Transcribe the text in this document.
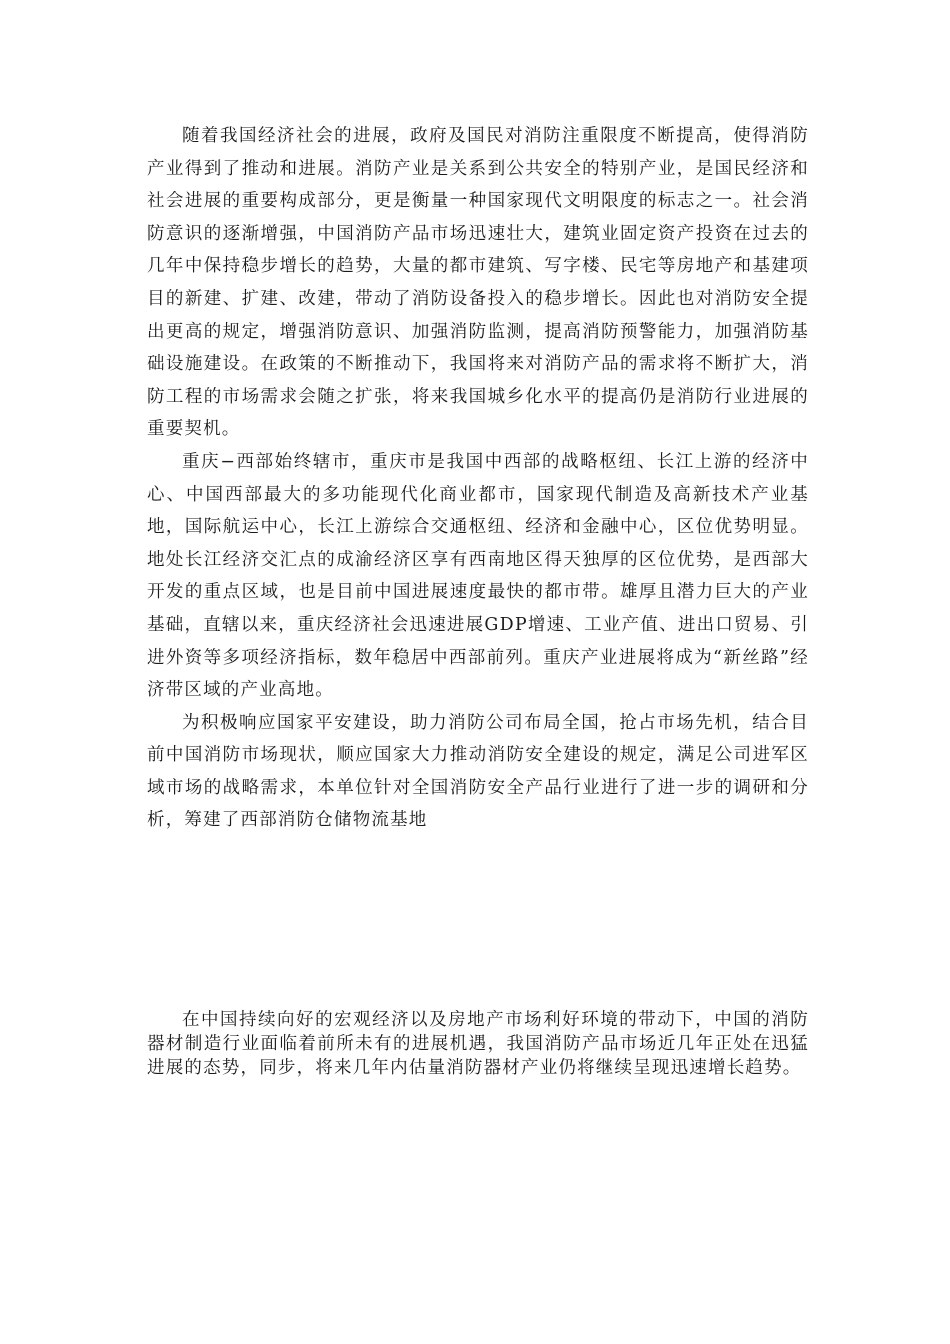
随着我国经济社会的进展，政府及国民对消防注重限度不断提高，使得消防产业得到了推动和进展。消防产业是关系到公共安全的特别产业，是国民经济和社会进展的重要构成部分，更是衡量一种国家现代文明限度的标志之一。社会消防意识的逐渐增强，中国消防产品市场迅速壮大，建筑业固定资产投资在过去的几年中保持稳步增长的趋势，大量的都市建筑、写字楼、民宅等房地产和基建项目的新建、扩建、改建，带动了消防设备投入的稳步增长。因此也对消防安全提出更高的规定，增强消防意识、加强消防监测，提高消防预警能力，加强消防基础设施建设。在政策的不断推动下，我国将来对消防产品的需求将不断扩大，消防工程的市场需求会随之扩张，将来我国城乡化水平的提高仍是消防行业进展的重要契机。

重庆−西部始终辖市，重庆市是我国中西部的战略枢纽、长江上游的经济中心、中国西部最大的多功能现代化商业都市，国家现代制造及高新技术产业基地，国际航运中心，长江上游综合交通枢纽、经济和金融中心，区位优势明显。地处长江经济交汇点的成渝经济区享有西南地区得天独厚的区位优势，是西部大开发的重点区域，也是目前中国进展速度最快的都市带。雄厚且潜力巨大的产业基础，直辖以来，重庆经济社会迅速进展GDP增速、工业产值、进出口贸易、引进外资等多项经济指标，数年稳居中西部前列。重庆产业进展将成为“新丝路”经济带区域的产业高地。

为积极响应国家平安建设，助力消防公司布局全国，抢占市场先机，结合目前中国消防市场现状，顺应国家大力推动消防安全建设的规定，满足公司进军区域市场的战略需求，本单位针对全国消防安全产品行业进行了进一步的调研和分析，筹建了西部消防仓储物流基地

在中国持续向好的宏观经济以及房地产市场利好环境的带动下，中国的消防器材制造行业面临着前所未有的进展机遇，我国消防产品市场近几年正处在迅猛进展的态势，同步，将来几年内估量消防器材产业仍将继续呈现迅速增长趋势。
